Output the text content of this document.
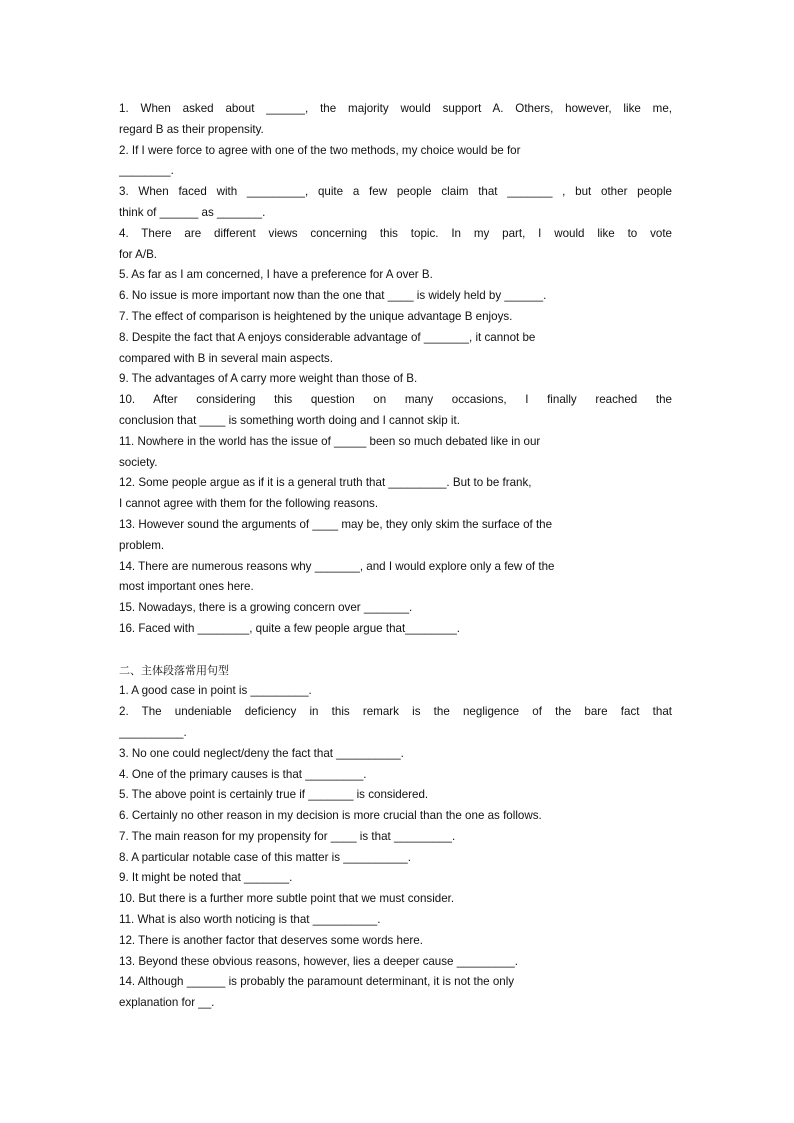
1. When asked about ______, the majority would support A. Others, however, like me,
regard B as their propensity.
2. If I were force to agree with one of the two methods, my choice would be for
________.
3. When faced with _________, quite a few people claim that _______ , but other people
think of ______ as _______.
4. There are different views concerning this topic. In my part, I would like to vote
for A/B.
5. As far as I am concerned, I have a preference for A over B.
6. No issue is more important now than the one that ____ is widely held by ______.
7. The effect of comparison is heightened by the unique advantage B enjoys.
8. Despite the fact that A enjoys considerable advantage of _______, it cannot be
compared with B in several main aspects.
9. The advantages of A carry more weight than those of B.
10. After considering this question on many occasions, I finally reached the
conclusion that ____ is something worth doing and I cannot skip it.
11. Nowhere in the world has the issue of _____ been so much debated like in our
society.
12. Some people argue as if it is a general truth that _________. But to be frank,
I cannot agree with them for the following reasons.
13. However sound the arguments of ____ may be, they only skim the surface of the
problem.
14. There are numerous reasons why _______, and I would explore only a few of the
most important ones here.
15. Nowadays, there is a growing concern over _______.
16. Faced with ________, quite a few people argue that________.
二、主体段落常用句型
1. A good case in point is _________.
2. The undeniable deficiency in this remark is the negligence of the bare fact that
__________.
3. No one could neglect/deny the fact that __________.
4. One of the primary causes is that _________.
5. The above point is certainly true if _______ is considered.
6. Certainly no other reason in my decision is more crucial than the one as follows.
7. The main reason for my propensity for ____ is that _________.
8. A particular notable case of this matter is __________.
9. It might be noted that _______.
10. But there is a further more subtle point that we must consider.
11. What is also worth noticing is that __________.
12. There is another factor that deserves some words here.
13. Beyond these obvious reasons, however, lies a deeper cause _________.
14. Although ______ is probably the paramount determinant, it is not the only
explanation for __.
